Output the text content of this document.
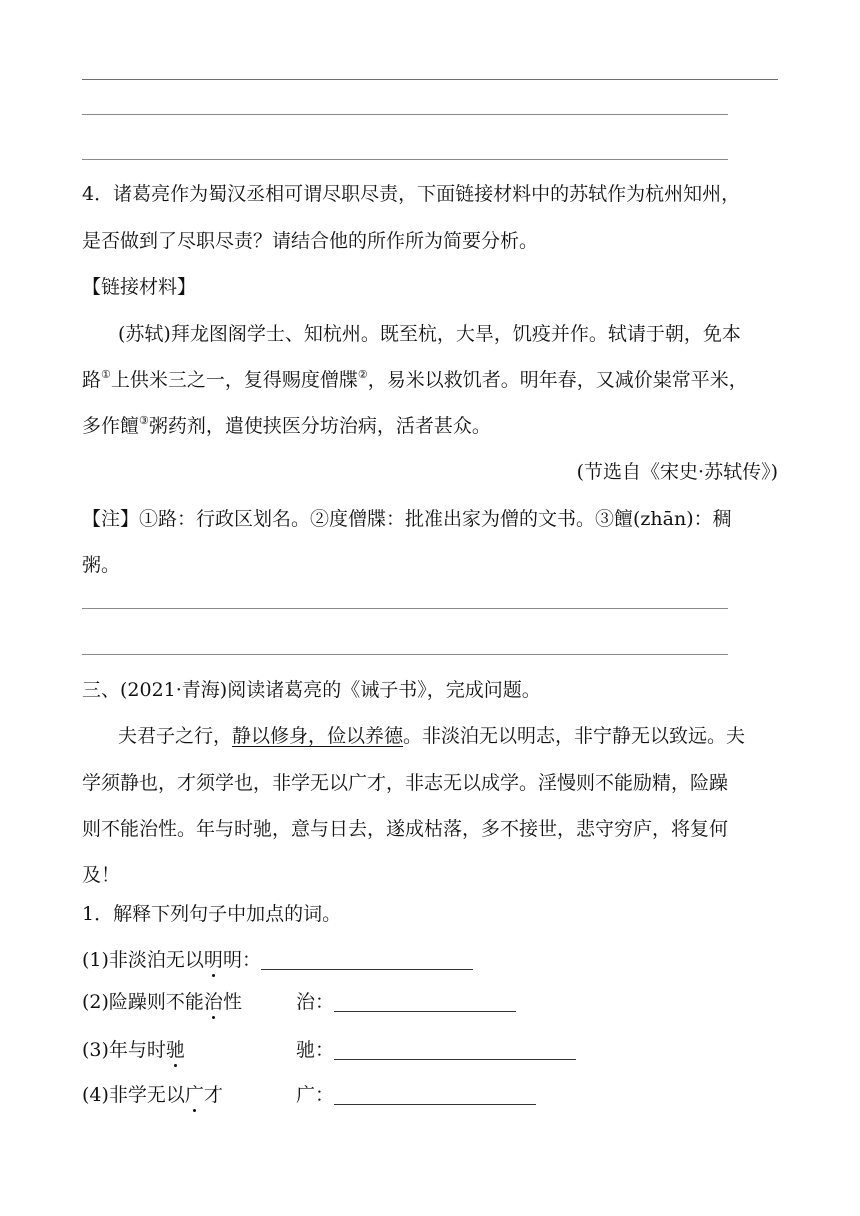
4．诸葛亮作为蜀汉丞相可谓尽职尽责，下面链接材料中的苏轼作为杭州知州，
是否做到了尽职尽责？请结合他的所作所为简要分析。
【链接材料】
(苏轼)拜龙图阁学士、知杭州。既至杭，大旱，饥疫并作。轼请于朝，免本
路①上供米三之一，复得赐度僧牒②，易米以救饥者。明年春，又减价粜常平米，
多作饘③粥药剂，遣使挟医分坊治病，活者甚众。
(节选自《宋史·苏轼传》)
【注】①路：行政区划名。②度僧牒：批准出家为僧的文书。③饘(zhān)：稠
粥。
三、(2021·青海)阅读诸葛亮的《诫子书》，完成问题。
夫君子之行，静以修身，俭以养德。非淡泊无以明志，非宁静无以致远。夫
学须静也，才须学也，非学无以广才，非志无以成学。淫慢则不能励精，险躁
则不能治性。年与时驰，意与日去，遂成枯落，多不接世，悲守穷庐，将复何
及！
1．解释下列句子中加点的词。
(1)非淡泊无以明明：
(2)险躁则不能治性	治：
(3)年与时驰	驰：
(4)非学无以广才	广：
